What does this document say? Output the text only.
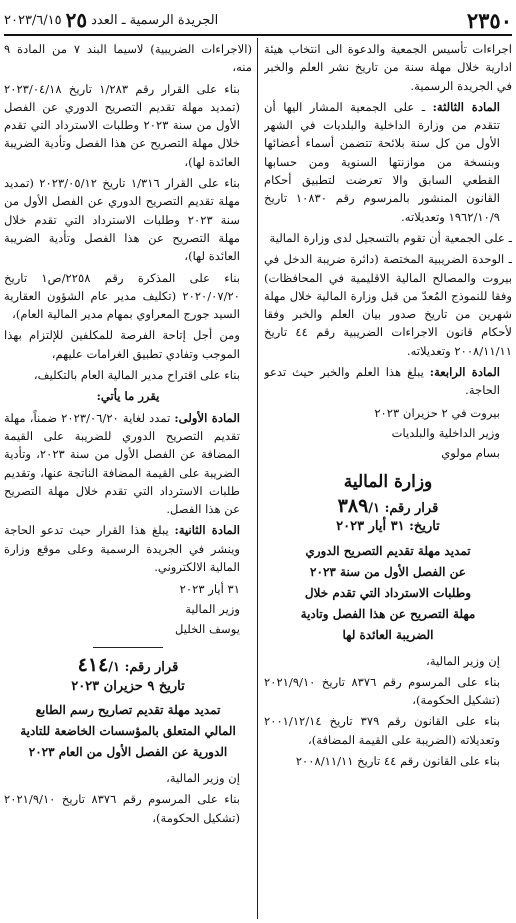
٢٣٥٠
الجريدة الرسمية ـ العدد
٢٥
٢٠٢٣/٦/١٥

اجراءات تأسيس الجمعية والدعوة الى انتخاب هيئة ادارية خلال مهلة سنة من تاريخ نشر العلم والخبر في الجريدة الرسمية.

المادة الثالثة: ـ على الجمعية المشار اليها أن تتقدم من وزارة الداخلية والبلديات في الشهر الأول من كل سنة بلائحة تتضمن أسماء أعضائها وبنسخة من موازنتها السنوية ومن حسابها القطعي السابق والا تعرضت لتطبيق أحكام القانون المنشور بالمرسوم رقم ١٠٨٣٠ تاريخ ١٩٦٢/١٠/٩ وتعديلاته.

ـ على الجمعية أن تقوم بالتسجيل لدى وزارة المالية

ـ الوحدة الضريبية المختصة (دائرة ضريبة الدخل في بيروت والمصالح المالية الاقليمية في المحافظات) وفقا للنموذج المُعدّ من قبل وزارة المالية خلال مهلة شهرين من تاريخ صدور بيان العلم والخبر وفقا لأحكام قانون الاجراءات الضريبية رقم ٤٤ تاريخ ٢٠٠٨/١١/١١ وتعديلاته.

المادة الرابعة: يبلغ هذا العلم والخبر حيث تدعو الحاجة.

بيروت في ٢ حزيران ٢٠٢٣
وزير الداخلية والبلديات
بسام مولوي
وزارة المالية
قرار رقم: ٣٨٩/١
تاريخ: ٣١ أيار ٢٠٢٣
تمديد مهلة تقديم التصريح الدوري
عن الفصل الأول من سنة ٢٠٢٣
وطلبات الاسترداد التي تقدم خلال
مهلة التصريح عن هذا الفصل وتادية
الضريبة العائدة لها

إن وزير المالية،

بناء على المرسوم رقم ٨٣٧٦ تاريخ ٢٠٢١/٩/١٠ (تشكيل الحكومة)،

بناء على القانون رقم ٣٧٩ تاريخ ٢٠٠١/١٢/١٤ وتعديلاته (الضريبة على القيمة المضافة)،

بناء على القانون رقم ٤٤ تاريخ ٢٠٠٨/١١/١١

(الاجراءات الضريبية) لاسيما البند ٧ من المادة ٩ منه،

بناء على القرار رقم ١/٢٨٣ تاريخ ٢٠٢٣/٠٤/١٨ (تمديد مهلة تقديم التصريح الدوري عن الفصل الأول من سنة ٢٠٢٣ وطلبات الاسترداد التي تقدم خلال مهلة التصريح عن هذا الفصل وتأدية الضريبة العائدة لها)،

بناء على القرار ١/٣١٦ تاريخ ٢٠٢٣/٠٥/١٢ (تمديد مهلة تقديم التصريح الدوري عن الفصل الأول من سنة ٢٠٢٣ وطلبات الاسترداد التي تقدم خلال مهلة التصريح عن هذا الفصل وتأدية الضريبة العائدة لها)،

بناء على المذكرة رقم ٢٢٥٨/ص١ تاريخ ٢٠٢٠/٠٧/٢٠ (تكليف مدير عام الشؤون العقارية السيد جورج المعراوي بمهام مدير المالية العام)،

ومن أجل إتاحة الفرصة للمكلفين للإلتزام بهذا الموجب وتفادي تطبيق الغرامات عليهم،

بناء على اقتراح مدير المالية العام بالتكليف،

يقرر ما يأتي:

المادة الأولى: تمدد لغاية ٢٠٢٣/٠٦/٢٠ ضمناً، مهلة تقديم التصريح الدوري للضريبة على القيمة المضافة عن الفصل الأول من سنة ٢٠٢٣، وتأدية الضريبة على القيمة المضافة الناتجة عنها، وتقديم طلبات الاسترداد التي تقدم خلال مهلة التصريح عن هذا الفصل.

المادة الثانية: يبلغ هذا القرار حيث تدعو الحاجة وينشر في الجريدة الرسمية وعلى موقع وزارة المالية الالكتروني.

٣١ أيار ٢٠٢٣
وزير المالية
يوسف الخليل
قرار رقم: ٤١٤/١
تاريخ ٩ حزيران ٢٠٢٣
تمديد مهلة تقديم تصاريح رسم الطابع
المالي المتعلق بالمؤسسات الخاضعة للتادية
الدورية عن الفصل الأول من العام ٢٠٢٣

إن وزير المالية،

بناء على المرسوم رقم ٨٣٧٦ تاريخ ٢٠٢١/٩/١٠ (تشكيل الحكومة)،
